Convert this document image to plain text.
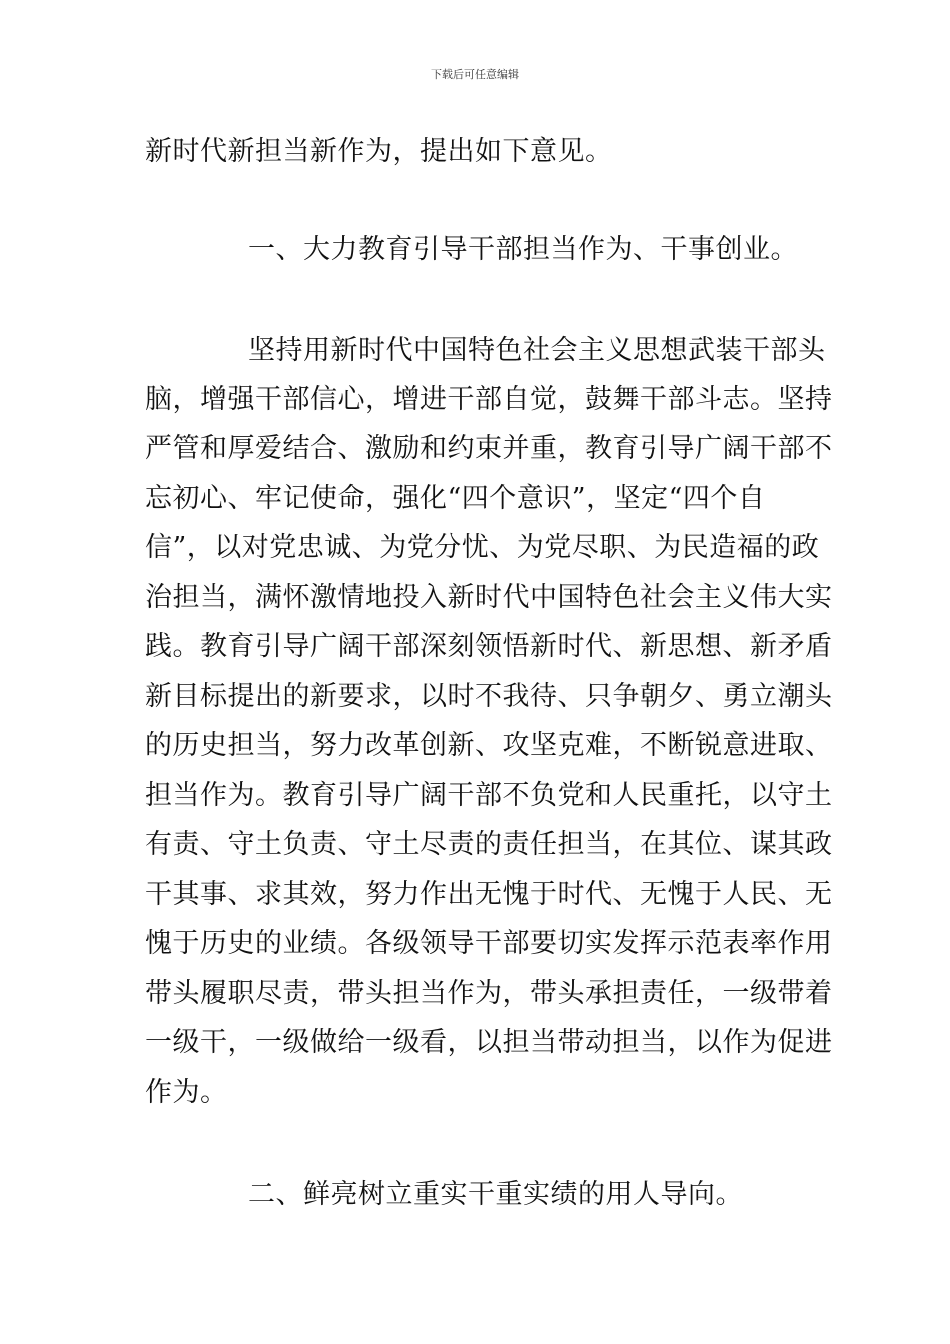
下载后可任意编辑
新时代新担当新作为，提出如下意见。
一、大力教育引导干部担当作为、干事创业。
坚持用新时代中国特色社会主义思想武装干部头
脑，增强干部信心，增进干部自觉，鼓舞干部斗志。坚持
严管和厚爱结合、激励和约束并重，教育引导广阔干部不
忘初心、牢记使命，强化“四个意识”，坚定“四个自
信”，以对党忠诚、为党分忧、为党尽职、为民造福的政
治担当，满怀激情地投入新时代中国特色社会主义伟大实
践。教育引导广阔干部深刻领悟新时代、新思想、新矛盾
新目标提出的新要求，以时不我待、只争朝夕、勇立潮头
的历史担当，努力改革创新、攻坚克难，不断锐意进取、
担当作为。教育引导广阔干部不负党和人民重托，以守土
有责、守土负责、守土尽责的责任担当，在其位、谋其政
干其事、求其效，努力作出无愧于时代、无愧于人民、无
愧于历史的业绩。各级领导干部要切实发挥示范表率作用
带头履职尽责，带头担当作为，带头承担责任，一级带着
一级干，一级做给一级看，以担当带动担当，以作为促进
作为。
二、鲜亮树立重实干重实绩的用人导向。
